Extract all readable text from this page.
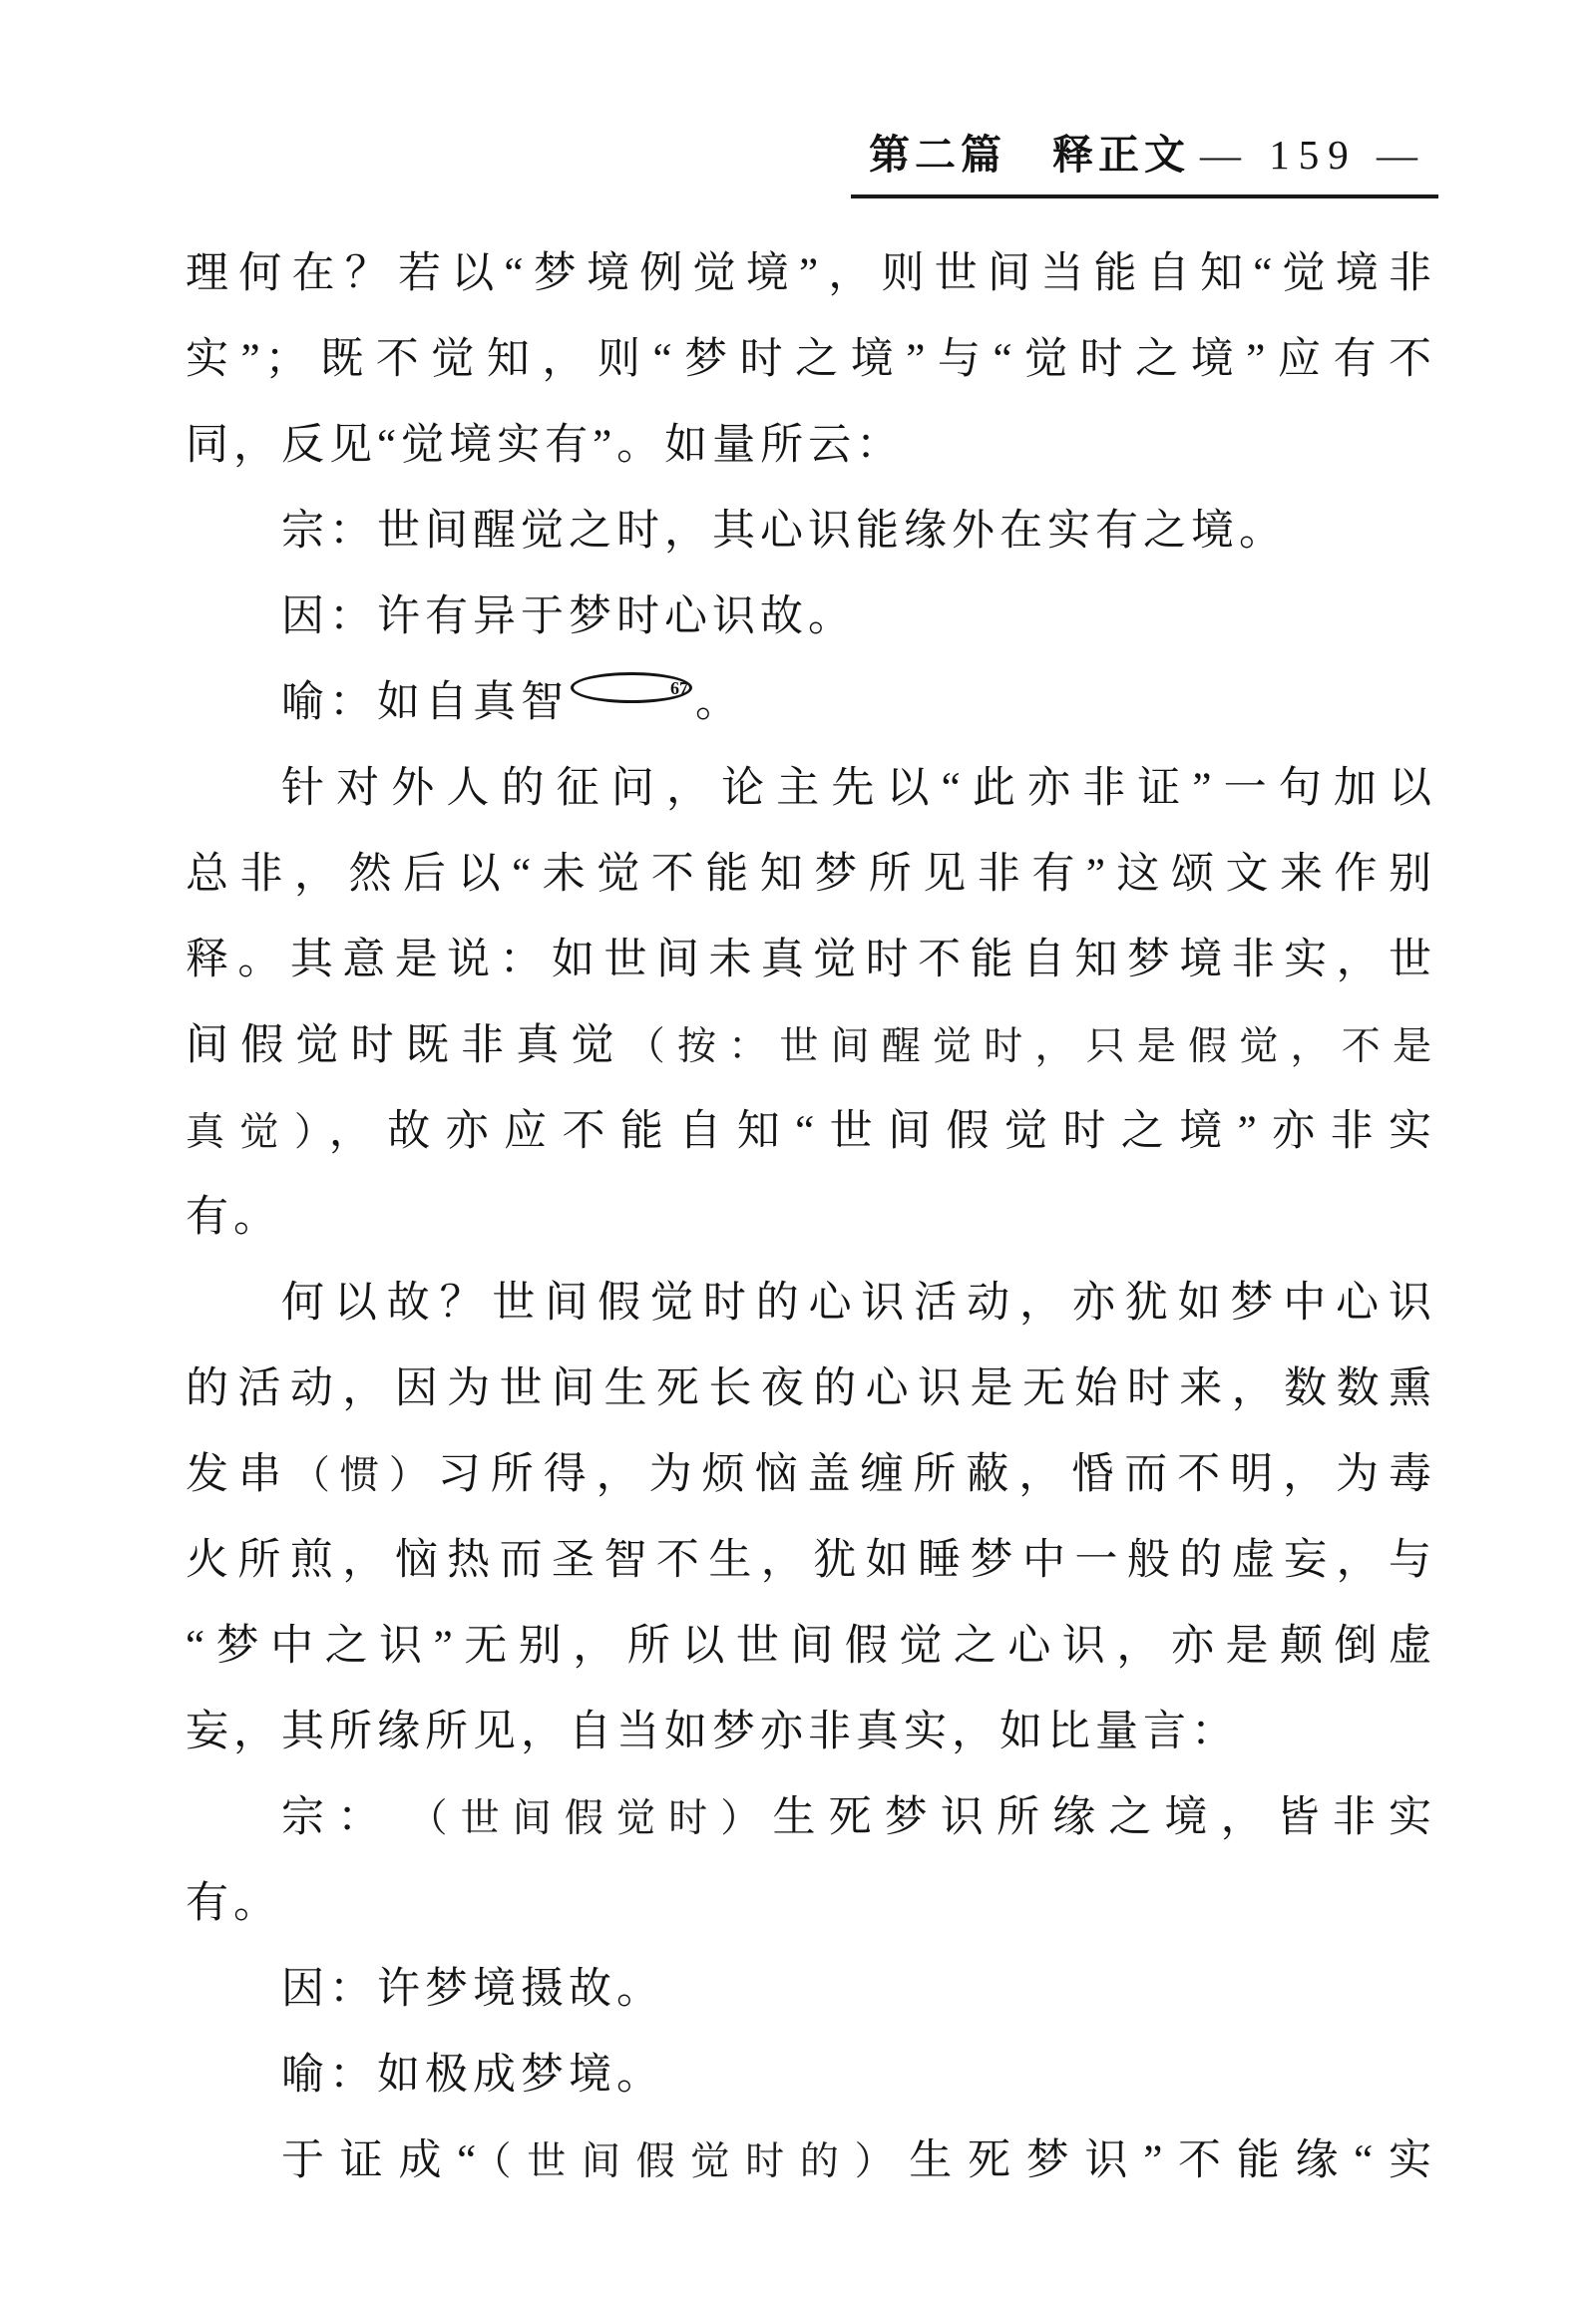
第二篇　释正文 — 159 —
理何在？若以“梦境例觉境”，则世间当能自知“觉境非
实”；既不觉知，则“梦时之境”与“觉时之境”应有不
同，反见“觉境实有”。如量所云：
宗：世间醒觉之时，其心识能缘外在实有之境。
因：许有异于梦时心识故。
喻：如自真智	67 。
针对外人的征问，论主先以“此亦非证”一句加以
总非，然后以“未觉不能知梦所见非有”这颂文来作别
释。其意是说：如世间未真觉时不能自知梦境非实，世
间假觉时既非真觉（按：世间醒觉时，只是假觉，不是
真觉），故亦应不能自知“世间假觉时之境”亦非实
有。
何以故？世间假觉时的心识活动，亦犹如梦中心识
的活动，因为世间生死长夜的心识是无始时来，数数熏
发串（惯）习所得，为烦恼盖缠所蔽，惛而不明，为毒
火所煎，恼热而圣智不生，犹如睡梦中一般的虚妄，与
“梦中之识”无别，所以世间假觉之心识，亦是颠倒虚
妄，其所缘所见，自当如梦亦非真实，如比量言：
宗：　（世间假觉时）生死梦识所缘之境，皆非实
有。
因：许梦境摄故。
喻：如极成梦境。
于证成“（世间假觉时的）生死梦识”不能缘“实
